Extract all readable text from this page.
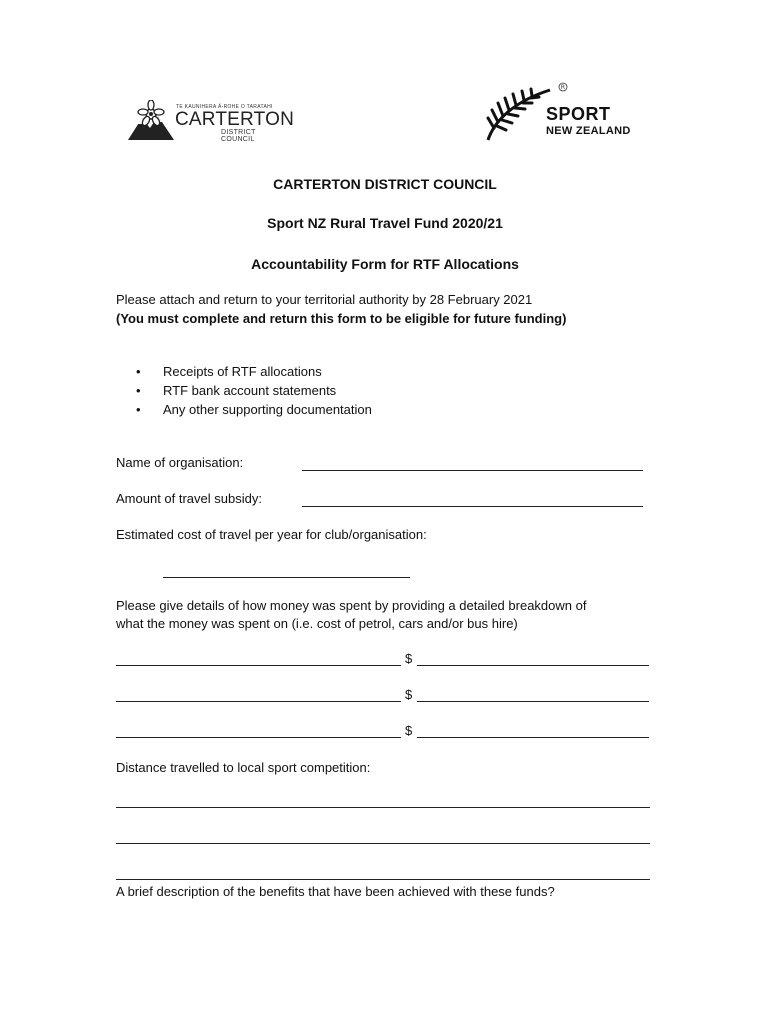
TE KAUNIHERA Ā-ROHE O TARATAHI
CARTERTON
DISTRICT COUNCIL
R
SPORT
NEW ZEALAND
CARTERTON DISTRICT COUNCIL
Sport NZ Rural Travel Fund 2020/21
Accountability Form for RTF Allocations
Please attach and return to your territorial authority by 28 February 2021
(You must complete and return this form to be eligible for future funding)
• Receipts of RTF allocations
• RTF bank account statements
• Any other supporting documentation
Name of organisation:
Amount of travel subsidy:
Estimated cost of travel per year for club/organisation:
Please give details of how money was spent by providing a detailed breakdown of
what the money was spent on (i.e. cost of petrol, cars and/or bus hire)
$
$
$
Distance travelled to local sport competition:
A brief description of the benefits that have been achieved with these funds?
